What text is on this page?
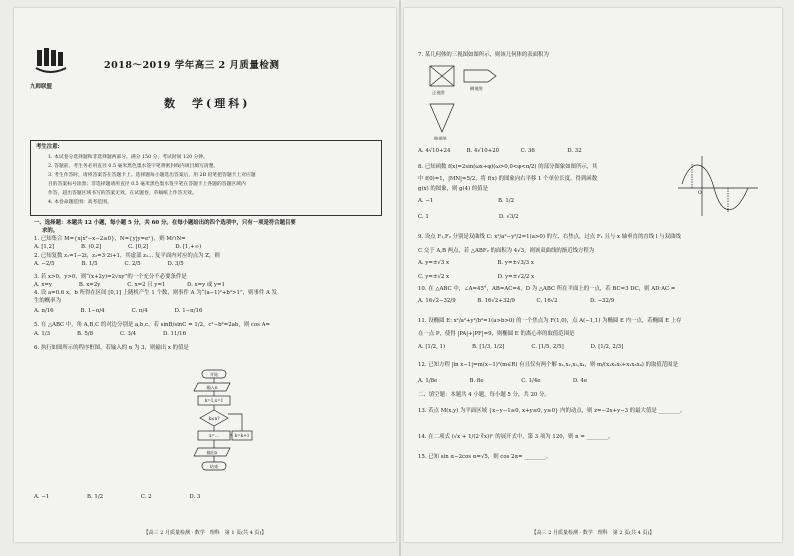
九师联盟
2018～2019 学年高三 2 月质量检测
数　学(理科)
考生注意:
1. 本试卷分选择题和非选择题两部分。满分 150 分，考试时间 120 分钟。
2. 答题前，考生务必用直径 0.5 毫米黑色墨水签字笔将密封线内项目填写清楚。
3. 考生作答时，请将答案答在答题卡上。选择题每小题选出答案后，用 2B 铅笔把答题卡上对应题
目的答案标号涂黑；非选择题请用直径 0.5 毫米黑色墨水签字笔在答题卡上各题的答题区域内
作答，超出答题区域书写的答案无效，在试题卷、草稿纸上作答无效。
4. 本卷命题范围：高考范围。
一、选择题：本题共 12 小题，每小题 5 分，共 60 分。在每小题给出的四个选项中，只有一项是符合题目要
求的。
1. 已知集合 M={x|x²−x−2≤0}，N={y|y=eˣ}，则 M∩N=
A. [1,2]　　　　　B. (0,2]　　　　　C. [0,2]　　　　　D. [1,+∞)
2. 已知复数 z₁=1−2i，z₂=3·2i+1，其虚部 z₂... 复平面内对应的点为 Z，则
A. −2/5　　　　　B. 1/5　　　　　C. 2/5　　　　　D. 3/5
3. 若 x>0，y>0，则“(x+2y)=2√xy”的一个充分不必要条件是
A. x=y　　　　　B. x=2y　　　　　C. x=2 且 y=1　　　　D. x=y 或 y=1
4. 设 a=0.6 x，b 所得在区间 [0,1] 上随机产生 1 个数，则事件 A 为“(a−1)²+b²>1”，则事件 A 发
生的概率为
A. π/16　　　　　B. 1−π/4　　　　　C. π/4　　　　　D. 1−π/16
5. 在 △ABC 中，角 A,B,C 的对边分别是 a,b,c，若 sinB/sinC = 1/2，c²−b²=2ab，则 cos A=
A. 1/3　　　　　B. 5/8　　　　　C. 3/4　　　　　D. 11/16
6. 执行如图所示的程序框图，若输入的 n 为 3，则输出 x 的值是
A. −1　　　　　　　B. 1/2　　　　　　　C. 2　　　　　　　D. 3
开始
输入n
k=1,x=1
k≤n?
x=...	k=k+1
输出x
结束
【高三 2 月质量检测 · 数学　理科　第 1 页(共 4 页)】
正视图
侧视图
俯视图
O
7. 某几何体的三视图如图所示，则该几何体的表面积为
A. 4√10+24　　　B. 4√10+20　　　　C. 36　　　　　　D. 32
8. 已知函数 f(x)=2sin(ωx+φ)(ω>0,0<φ<π/2) 的部分图象如图所示，其
中 f(0)=1，|MN|=5/2，将 f(x) 的图象向右平移 1 个单位长度，得到函数
g(x) 的图象，则 g(4) 的值是
A. −1　　　　　　　　　　　　B. 1/2
C. 1　　　　　　　　　　　　　D. √3/2
9. 设点 F₁,F₂ 分别是双曲线 C: x²/a²−y²/2=1(a>0) 的左、右焦点，过点 F₁ 且与 x 轴垂直的直线 l 与双曲线
C 交于 A,B 两点，若 △ABF₂ 的面积为 4√3，则该双曲线的渐近线方程为
A. y=±√3 x　　　　　　　　　B. y=±√3/3 x
C. y=±√2 x　　　　　　　　　D. y=±√2/2 x
10. 在 △ABC 中，∠A=45°，AB=AC=4，D 为 △ABC 所在平面上的一点，若 BC=3 DC，则 AD·AC =
A. 16√2−32/9　　　　B. 16√2+32/9　　　　C. 16√2　　　　　　D. −32/9
11. 设椭圆 E: x²/a²+y²/b²=1(a>b>0) 的一个焦点为 F(1,0)，点 A(−1,1) 为椭圆 E 内一点，若椭圆 E 上存
在一点 P，使得 |PA|+|PF|=9，则椭圆 E 的离心率的取值范围是
A. [1/2, 1)　　　　　B. [1/3, 1/2]　　　　　C. [1/5, 2/5]　　　　　D. [1/2, 2/3]
12. 已知方程 |ln x−1|=m(x−1)²(m∈R) 有且仅有两个解 x₁,x₂,x₃,x₄，则 m/(x₁x₂x₃+x₁x₃x₄) 的取值范围是
A. 1/8e　　　　　　B. 8e　　　　　　　C. 1/4e　　　　　　D. 4e
二、填空题：本题共 4 小题，每小题 5 分，共 20 分。
13. 若点 M(x,y) 为平面区域 {x−y−1≥0, x+y≤0, y≥0} 内的动点，则 z=−2x+y−3 的最大值是 ________。
14. 在二项式 (√x + 1/(2·∛x))ⁿ 的展开式中，第 3 项为 120，则 n = ________。
15. 已知 sin α−2cos α=√5，则 cos 2α= ________。
【高三 2 月质量检测 · 数学　理科　第 2 页(共 4 页)】
